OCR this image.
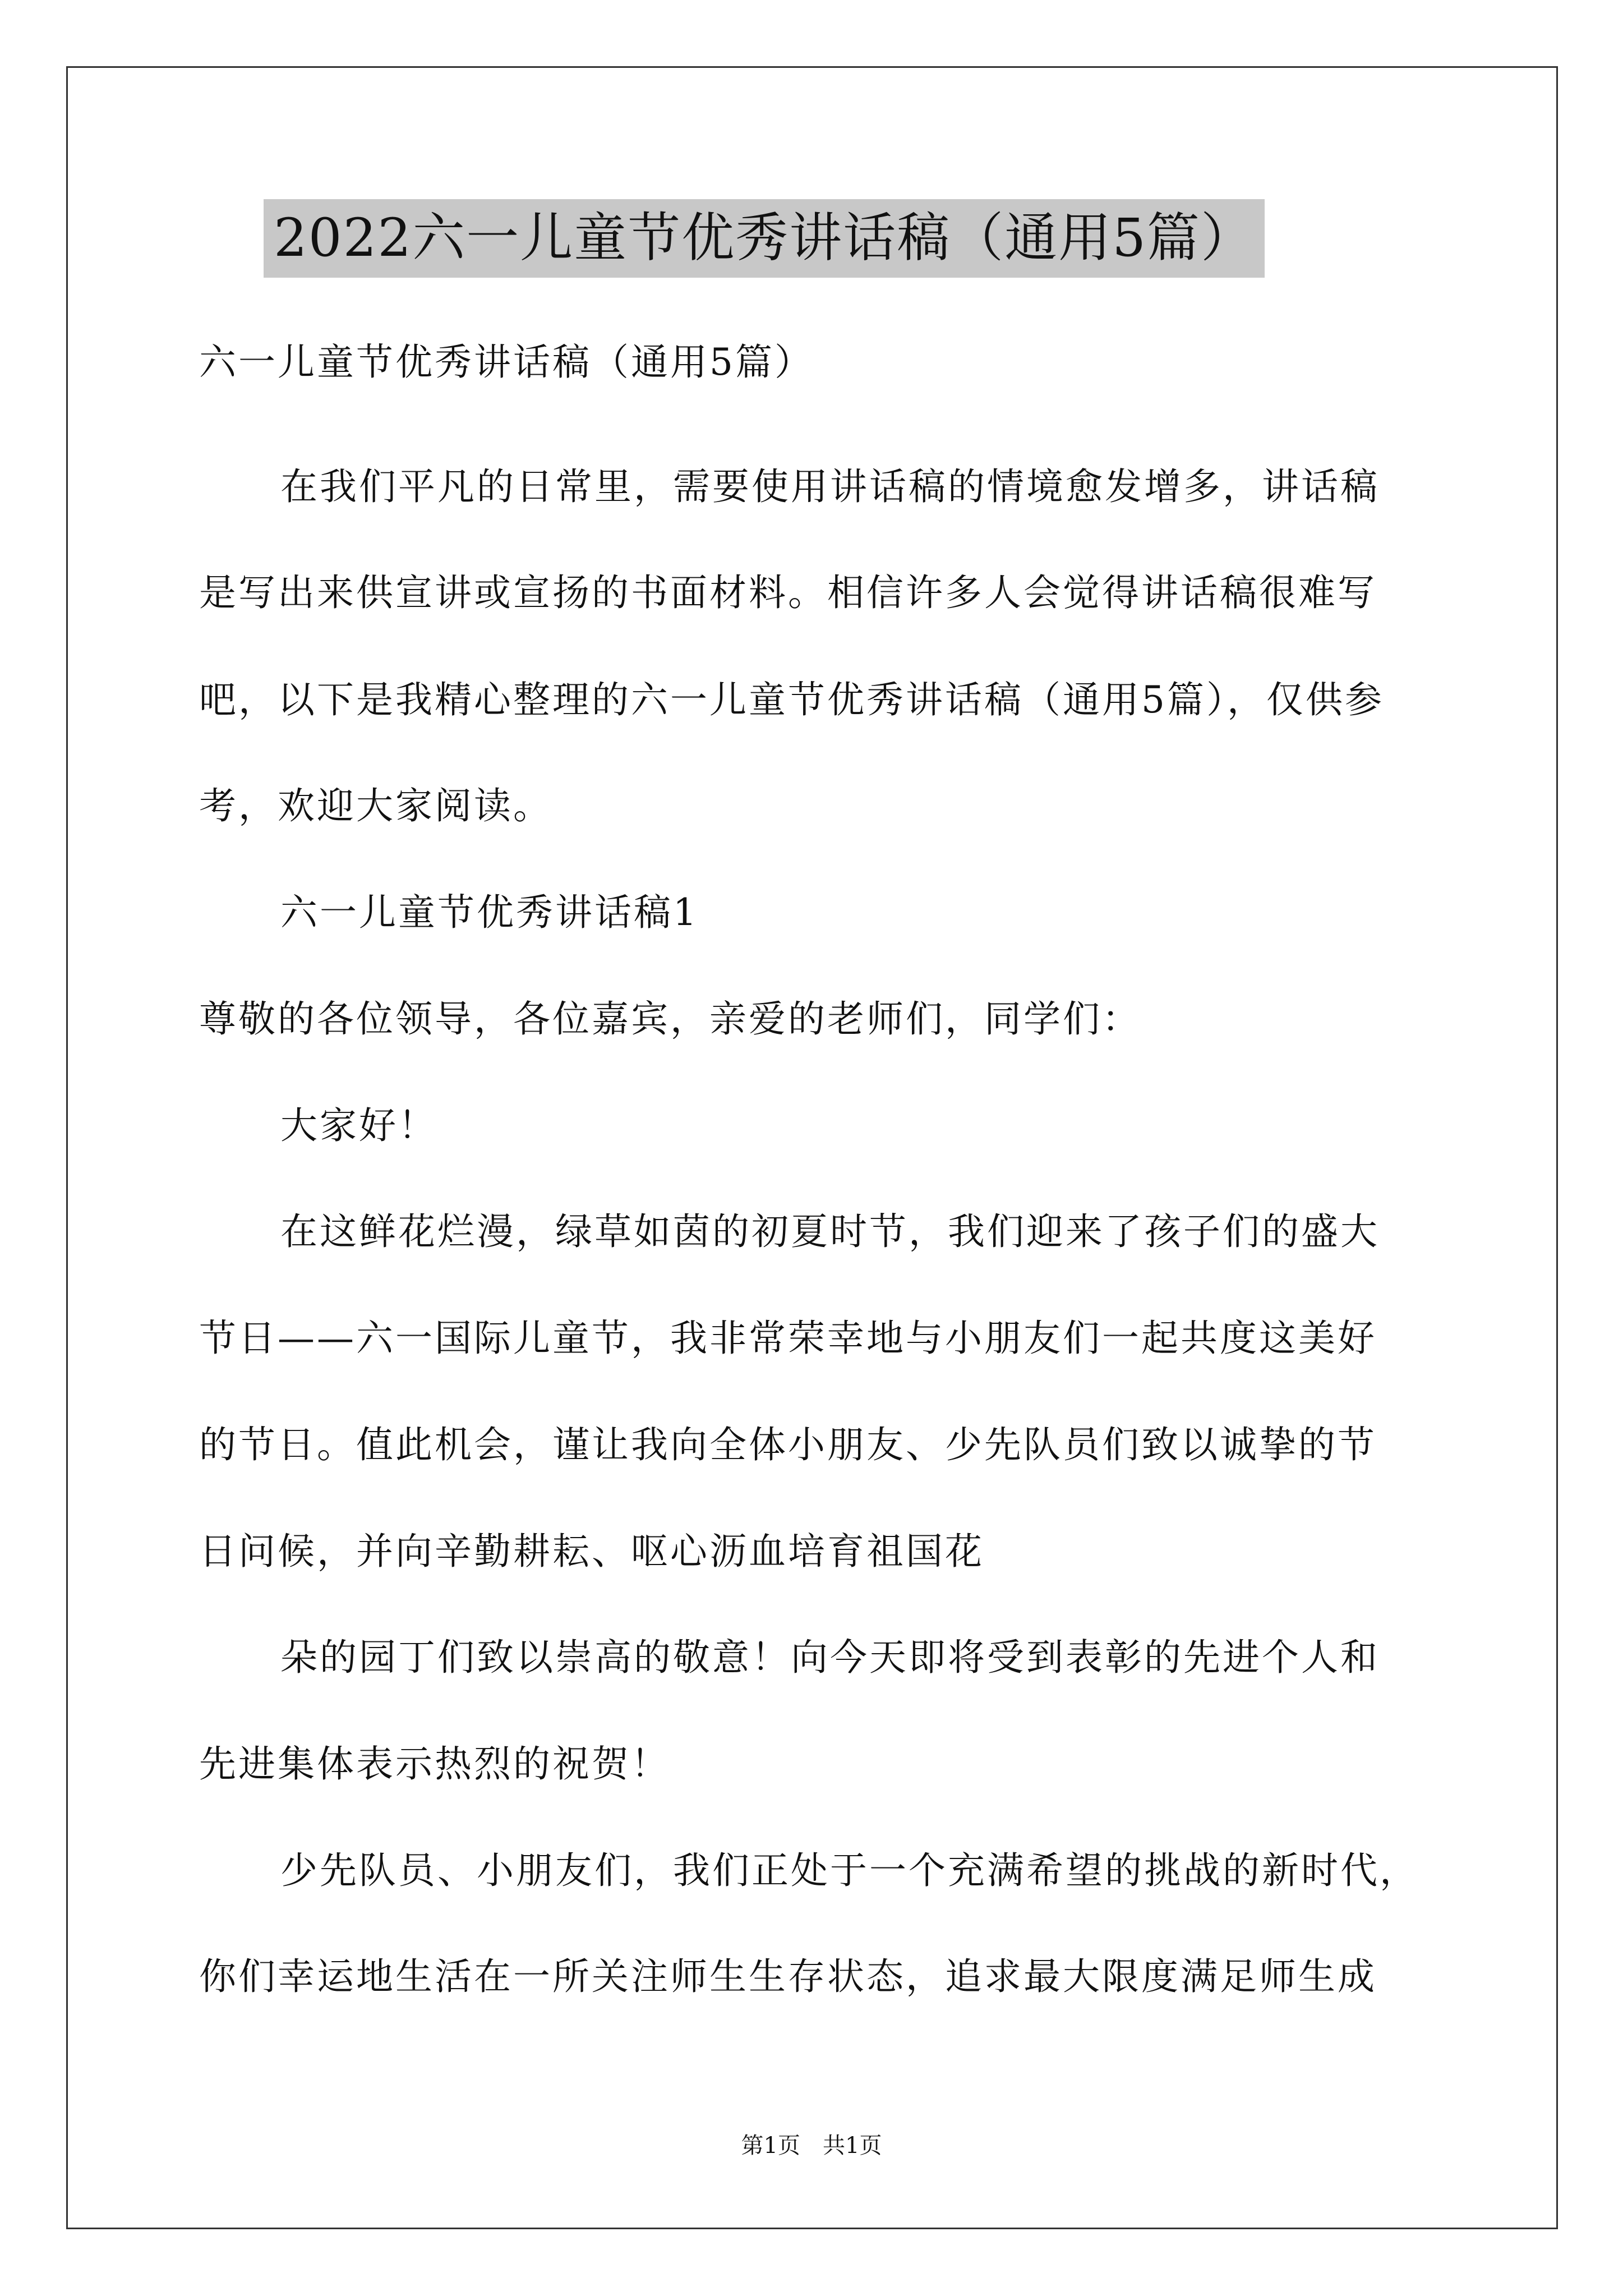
2022六一儿童节优秀讲话稿（通用5篇）
六一儿童节优秀讲话稿（通用5篇）
在我们平凡的日常里，需要使用讲话稿的情境愈发增多，讲话稿
是写出来供宣讲或宣扬的书面材料。相信许多人会觉得讲话稿很难写
吧，以下是我精心整理的六一儿童节优秀讲话稿（通用5篇），仅供参
考，欢迎大家阅读。
六一儿童节优秀讲话稿1
尊敬的各位领导，各位嘉宾，亲爱的老师们，同学们：
大家好！
在这鲜花烂漫，绿草如茵的初夏时节，我们迎来了孩子们的盛大
节日——六一国际儿童节，我非常荣幸地与小朋友们一起共度这美好
的节日。值此机会，谨让我向全体小朋友、少先队员们致以诚挚的节
日问候，并向辛勤耕耘、呕心沥血培育祖国花
朵的园丁们致以崇高的敬意！向今天即将受到表彰的先进个人和
先进集体表示热烈的祝贺！
少先队员、小朋友们，我们正处于一个充满希望的挑战的新时代，
你们幸运地生活在一所关注师生生存状态，追求最大限度满足师生成
第1页　共1页
